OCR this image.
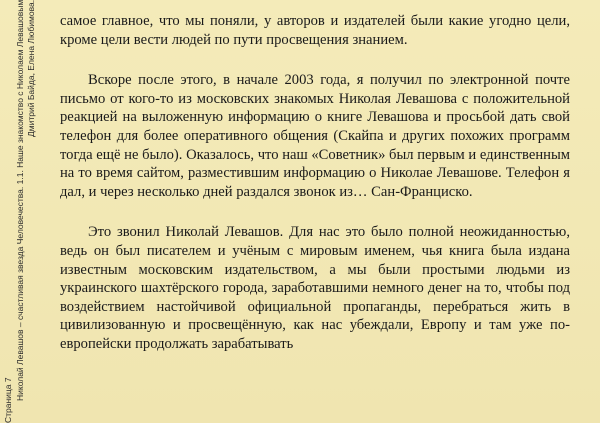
Страница 7 Николай Левашов – счастливая звезда Человечества. 1.1. Наше знакомство с Николаем Левашовым Дмитрий Байда, Елена Любимова. самое главное, что мы поняли, у авторов и издателей были какие угодно цели, кроме цели вести людей по пути просвещения знанием.

Вскоре после этого, в начале 2003 года, я получил по электронной почте письмо от кого-то из московских знакомых Николая Левашова с положительной реакцией на выложенную информацию о книге Левашова и просьбой дать свой телефон для более оперативного общения (Скайпа и других похожих программ тогда ещё не было). Оказалось, что наш «Советник» был первым и единственным на то время сайтом, разместившим информацию о Николае Левашове. Телефон я дал, и через несколько дней раздался звонок из… Сан-Франциско.

Это звонил Николай Левашов. Для нас это было полной неожиданностью, ведь он был писателем и учёным с мировым именем, чья книга была издана известным московским издательством, а мы были простыми людьми из украинского шахтёрского города, заработавшими немного денег на то, чтобы под воздействием настойчивой официальной пропаганды, перебраться жить в цивилизованную и просвещённую, как нас убеждали, Европу и там уже по-европейски продолжать зарабатывать
